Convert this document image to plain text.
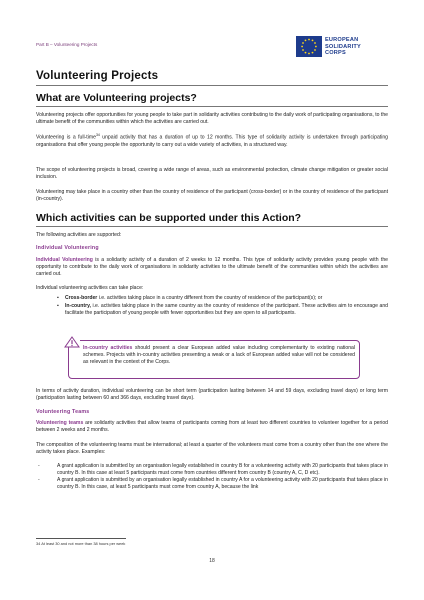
Part B – Volunteering Projects
EUROPEAN
SOLIDARITY
CORPS
Volunteering Projects
What are Volunteering projects?
Volunteering projects offer opportunities for young people to take part in solidarity activities contributing to the daily work of participating organisations, to the ultimate benefit of the communities within which the activities are carried out.
Volunteering is a full-time$^{34}$ unpaid activity that has a duration of up to 12 months. This type of solidarity activity is undertaken through participating organisations that offer young people the opportunity to carry out a wide variety of activities, in a structured way.
The scope of volunteering projects is broad, covering a wide range of areas, such as environmental protection, climate change mitigation or greater social inclusion.
Volunteering may take place in a country other than the country of residence of the participant (cross-border) or in the country of residence of the participant (in-country).
Which activities can be supported under this Action?
The following activities are supported:
Individual Volunteering
Individual Volunteering is a solidarity activity of a duration of 2 weeks to 12 months. This type of solidarity activity provides young people with the opportunity to contribute to the daily work of organisations in solidarity activities to the ultimate benefit of the communities within which the activities are carried out.
Individual volunteering activities can take place:
▪ Cross-border i.e. activities taking place in a country different from the country of residence of the participant(s); or
▪ In-country, i.e. activities taking place in the same country as the country of residence of the participant. These activities aim to encourage and facilitate the participation of young people with fewer opportunities but they are open to all participants.
In-country activities should present a clear European added value including complementarity to existing national schemes. Projects with in-country activities presenting a weak or a lack of European added value will not be considered as relevant in the context of the Corps.
In terms of activity duration, individual volunteering can be short term (participation lasting between 14 and 59 days, excluding travel days) or long term (participation lasting between 60 and 366 days, excluding travel days).
Volunteering Teams
Volunteering teams are solidarity activities that allow teams of participants coming from at least two different countries to volunteer together for a period between 2 weeks and 2 months.
The composition of the volunteering teams must be international; at least a quarter of the volunteers must come from a country other than the one where the activity takes place. Examples:
-	A grant application is submitted by an organisation legally established in country B for a volunteering activity with 20 participants that takes place in country B. In this case at least 5 participants must come from countries different from country B (country A, C, D etc).
-	A grant application is submitted by an organisation legally established in country A for a volunteering activity with 20 participants that takes place in country B. In this case, at least 5 participants must come from country A, because the link
34 At least 30 and not more than 38 hours per week
18
